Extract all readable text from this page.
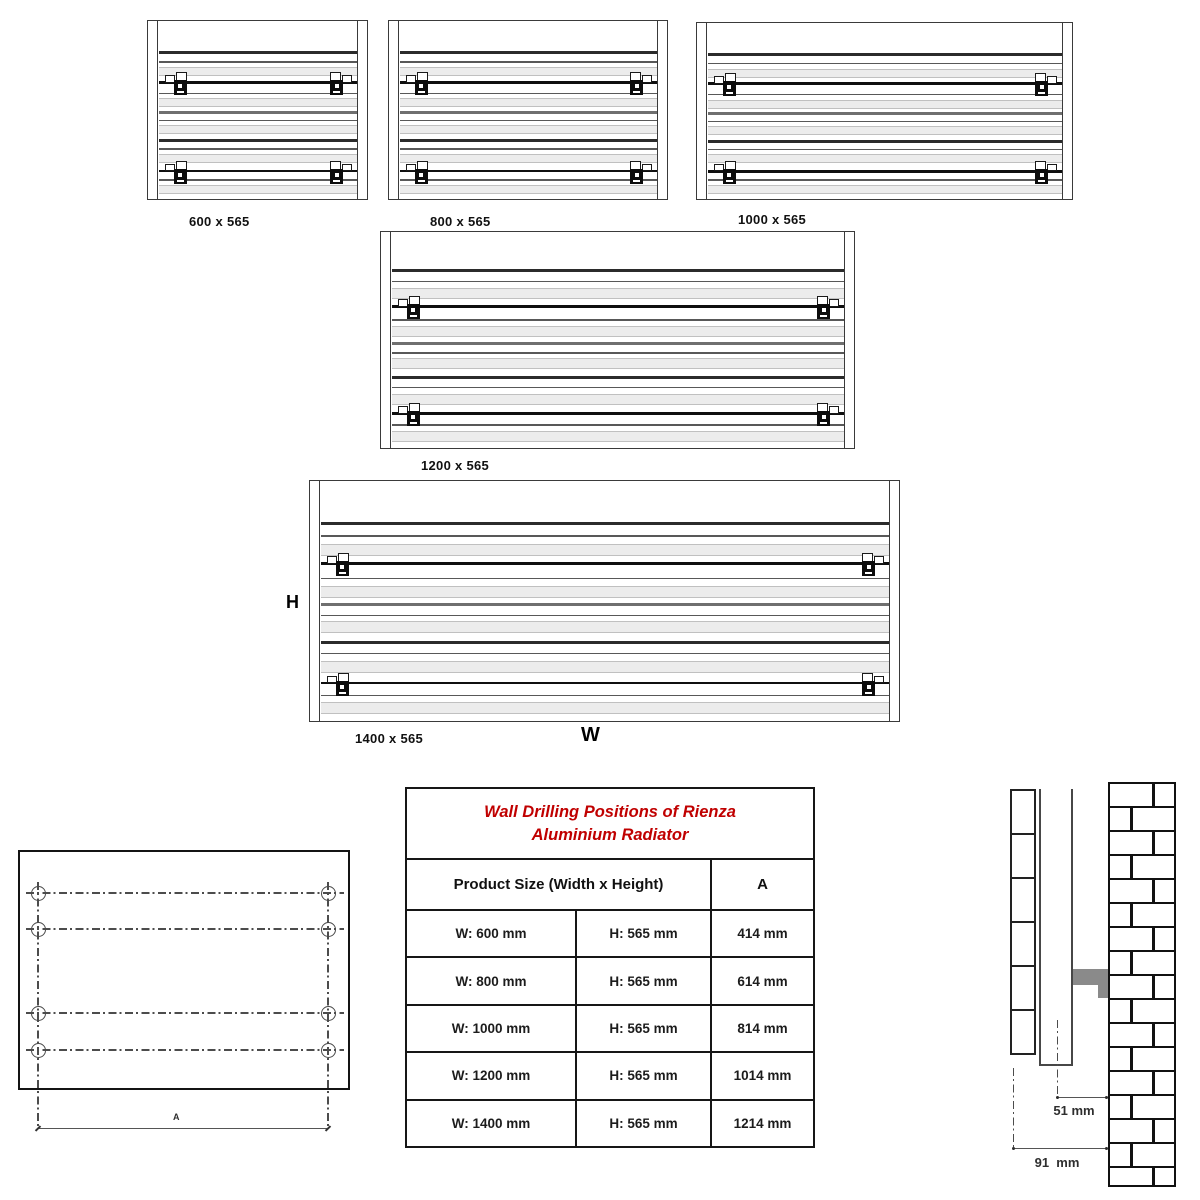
600 x 565	800 x 565	1000 x 565
1200 x 565
1400 x 565
H
W
A
Wall Drilling Positions of Rienza
Aluminium Radiator
Product Size (Width x Height)	A
W: 600 mm	H: 565 mm	414 mm
W: 800 mm	H: 565 mm	614 mm
W: 1000 mm	H: 565 mm	814 mm
W: 1200 mm	H: 565 mm	1014 mm
W: 1400 mm	H: 565 mm	1214 mm
51 mm
91  mm
